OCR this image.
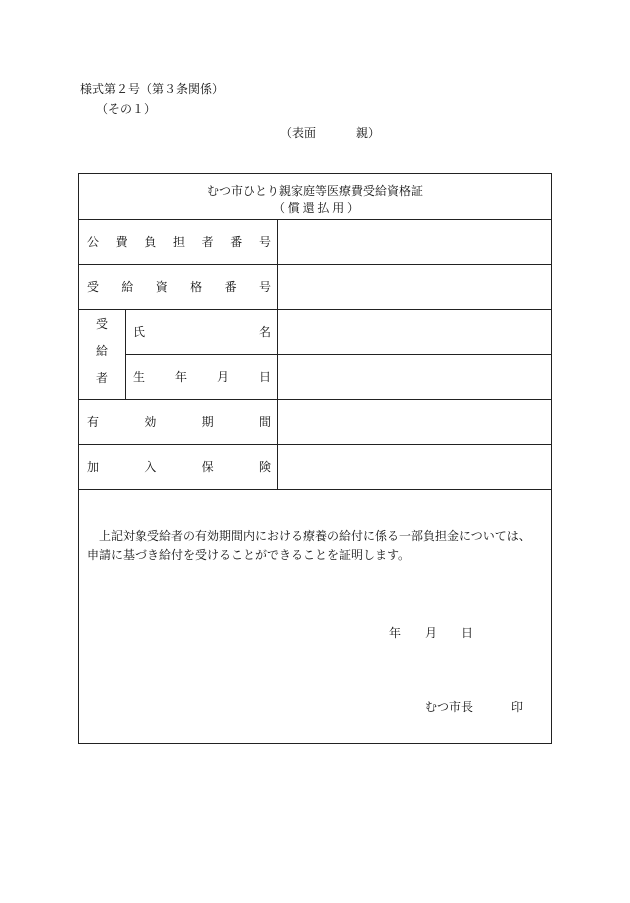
様式第２号（第３条関係）
（その１）
（表面	親）
むつ市ひとり親家庭等医療費受給資格証
（ 償 還 払 用 ）
公 費 負 担 者 番 号
受 給 資 格 番 号
受
給
者
氏	名
生 年 月 日
有	効	期	間
加	入	保	険

上記対象受給者の有効期間内における療養の給付に係る一部負担金については、

申請に基づき給付を受けることができることを証明します。

年 月 日
むつ市長	印
